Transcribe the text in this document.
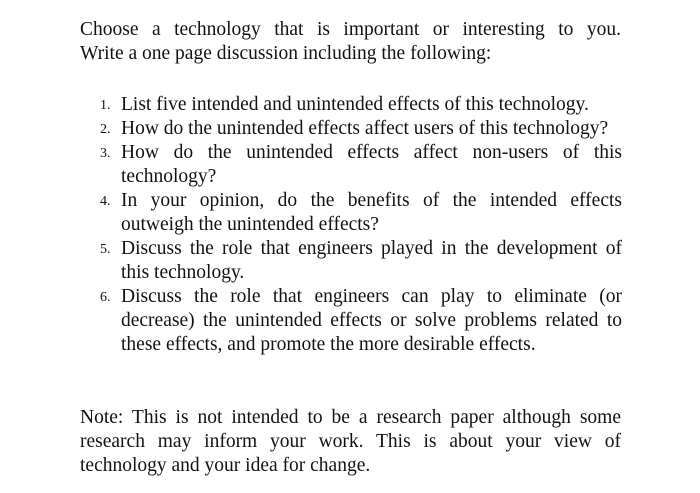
Choose a technology that is important or interesting to you.
Write a one page discussion including the following:

1. List five intended and unintended effects of this technology.
2. How do the unintended effects affect users of this technology?
3. How do the unintended effects affect non-users of this technology?
4. In your opinion, do the benefits of the intended effects outweigh the unintended effects?
5. Discuss the role that engineers played in the development of this technology.
6. Discuss the role that engineers can play to eliminate (or decrease) the unintended effects or solve problems related to these effects, and promote the more desirable effects.

Note: This is not intended to be a research paper although some research may inform your work. This is about your view of technology and your idea for change.
